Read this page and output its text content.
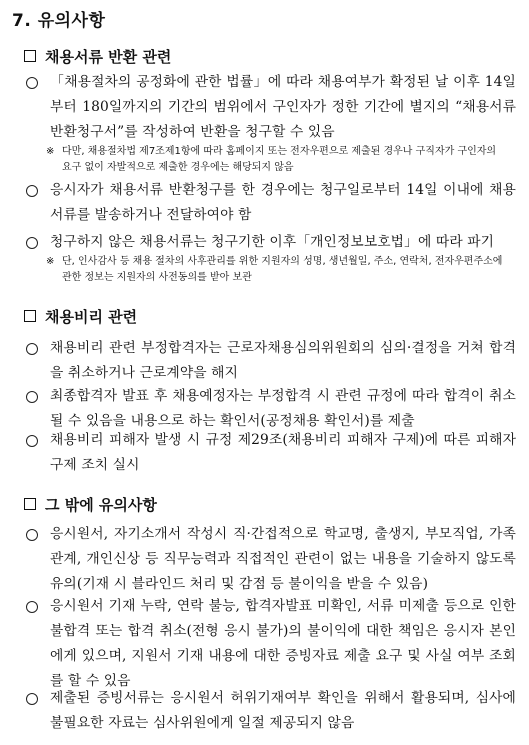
7. 유의사항
채용서류 반환 관련
「채용절차의 공정화에 관한 법률」에 따라 채용여부가 확정된 날 이후 14일부터 180일까지의 기간의 범위에서 구인자가 정한 기간에 별지의 “채용서류 반환청구서”를 작성하여 반환을 청구할 수 있음
※ 다만, 채용절차법 제7조제1항에 따라 홈페이지 또는 전자우편으로 제출된 경우나 구직자가 구인자의 요구 없이 자발적으로 제출한 경우에는 해당되지 않음
응시자가 채용서류 반환청구를 한 경우에는 청구일로부터 14일 이내에 채용서류를 발송하거나 전달하여야 함
청구하지 않은 채용서류는 청구기한 이후「개인정보보호법」에 따라 파기
※ 단, 인사감사 등 채용 절차의 사후관리를 위한 지원자의 성명, 생년월일, 주소, 연락처, 전자우편주소에 관한 정보는 지원자의 사전동의를 받아 보관
채용비리 관련
채용비리 관련 부정합격자는 근로자채용심의위원회의 심의·결정을 거쳐 합격을 취소하거나 근로계약을 해지
최종합격자 발표 후 채용예정자는 부정합격 시 관련 규정에 따라 합격이 취소될 수 있음을 내용으로 하는 확인서(공정채용 확인서)를 제출
채용비리 피해자 발생 시 규정 제29조(채용비리 피해자 구제)에 따른 피해자 구제 조치 실시
그 밖에 유의사항
응시원서, 자기소개서 작성시 직·간접적으로 학교명, 출생지, 부모직업, 가족관계, 개인신상 등 직무능력과 직접적인 관련이 없는 내용을 기술하지 않도록 유의(기재 시 블라인드 처리 및 감점 등 불이익을 받을 수 있음)
응시원서 기재 누락, 연락 불능, 합격자발표 미확인, 서류 미제출 등으로 인한 불합격 또는 합격 취소(전형 응시 불가)의 불이익에 대한 책임은 응시자 본인에게 있으며, 지원서 기재 내용에 대한 증빙자료 제출 요구 및 사실 여부 조회를 할 수 있음
제출된 증빙서류는 응시원서 허위기재여부 확인을 위해서 활용되며, 심사에 불필요한 자료는 심사위원에게 일절 제공되지 않음
